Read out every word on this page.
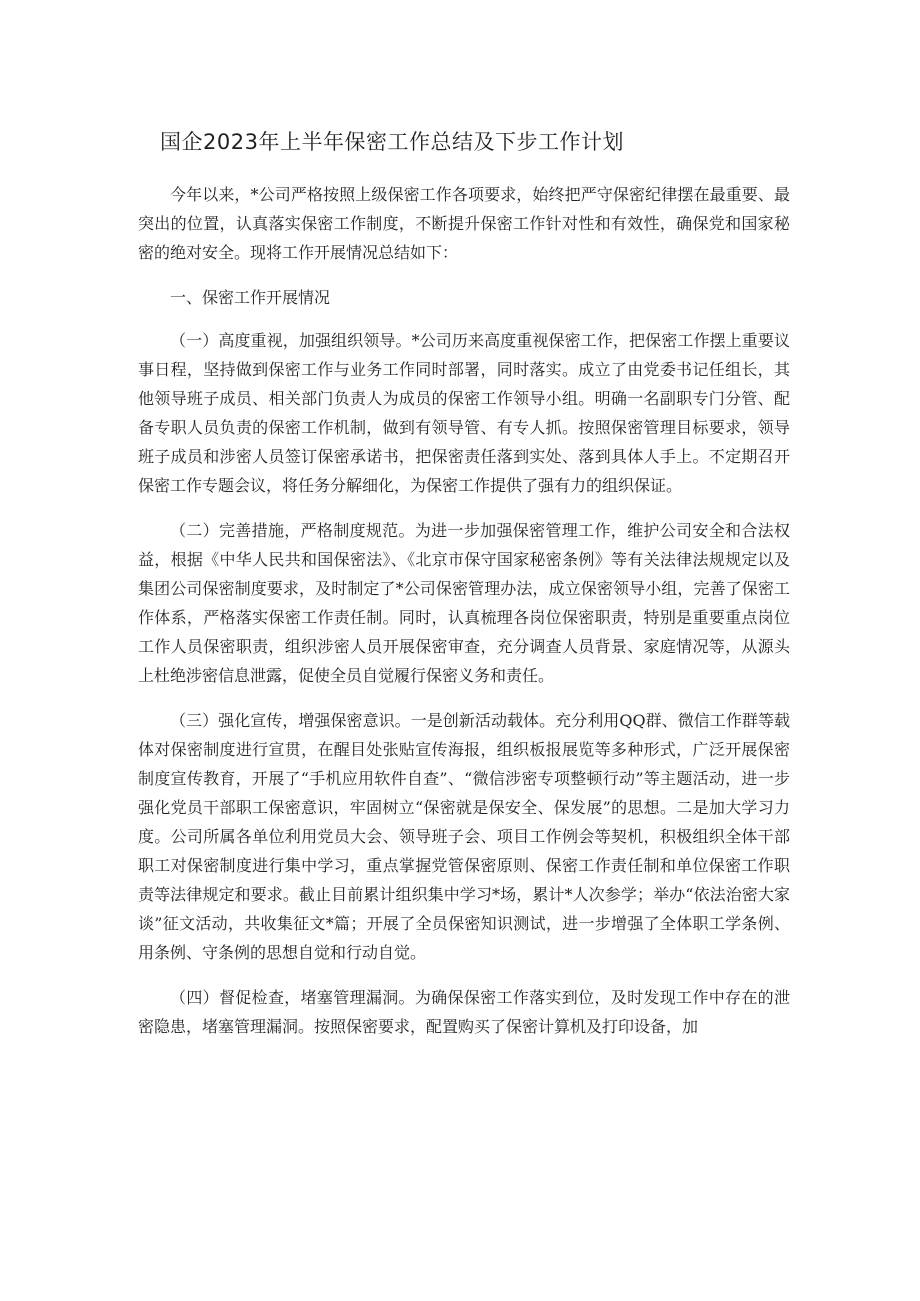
国企2023年上半年保密工作总结及下步工作计划

今年以来，*公司严格按照上级保密工作各项要求，始终把严守保密纪律摆在最重要、最突出的位置，认真落实保密工作制度，不断提升保密工作针对性和有效性，确保党和国家秘密的绝对安全。现将工作开展情况总结如下：

一、保密工作开展情况

（一）高度重视，加强组织领导。*公司历来高度重视保密工作，把保密工作摆上重要议事日程，坚持做到保密工作与业务工作同时部署，同时落实。成立了由党委书记任组长，其他领导班子成员、相关部门负责人为成员的保密工作领导小组。明确一名副职专门分管、配备专职人员负责的保密工作机制，做到有领导管、有专人抓。按照保密管理目标要求，领导班子成员和涉密人员签订保密承诺书，把保密责任落到实处、落到具体人手上。不定期召开保密工作专题会议，将任务分解细化，为保密工作提供了强有力的组织保证。

（二）完善措施，严格制度规范。为进一步加强保密管理工作，维护公司安全和合法权益，根据《中华人民共和国保密法》、《北京市保守国家秘密条例》等有关法律法规规定以及集团公司保密制度要求，及时制定了*公司保密管理办法，成立保密领导小组，完善了保密工作体系，严格落实保密工作责任制。同时，认真梳理各岗位保密职责，特别是重要重点岗位工作人员保密职责，组织涉密人员开展保密审查，充分调查人员背景、家庭情况等，从源头上杜绝涉密信息泄露，促使全员自觉履行保密义务和责任。

（三）强化宣传，增强保密意识。一是创新活动载体。充分利用QQ群、微信工作群等载体对保密制度进行宣贯，在醒目处张贴宣传海报，组织板报展览等多种形式，广泛开展保密制度宣传教育，开展了“手机应用软件自查”、“微信涉密专项整顿行动”等主题活动，进一步强化党员干部职工保密意识，牢固树立“保密就是保安全、保发展”的思想。二是加大学习力度。公司所属各单位利用党员大会、领导班子会、项目工作例会等契机，积极组织全体干部职工对保密制度进行集中学习，重点掌握党管保密原则、保密工作责任制和单位保密工作职责等法律规定和要求。截止目前累计组织集中学习*场，累计*人次参学；举办“依法治密大家谈”征文活动，共收集征文*篇；开展了全员保密知识测试，进一步增强了全体职工学条例、用条例、守条例的思想自觉和行动自觉。

（四）督促检查，堵塞管理漏洞。为确保保密工作落实到位，及时发现工作中存在的泄密隐患，堵塞管理漏洞。按照保密要求，配置购买了保密计算机及打印设备，加
